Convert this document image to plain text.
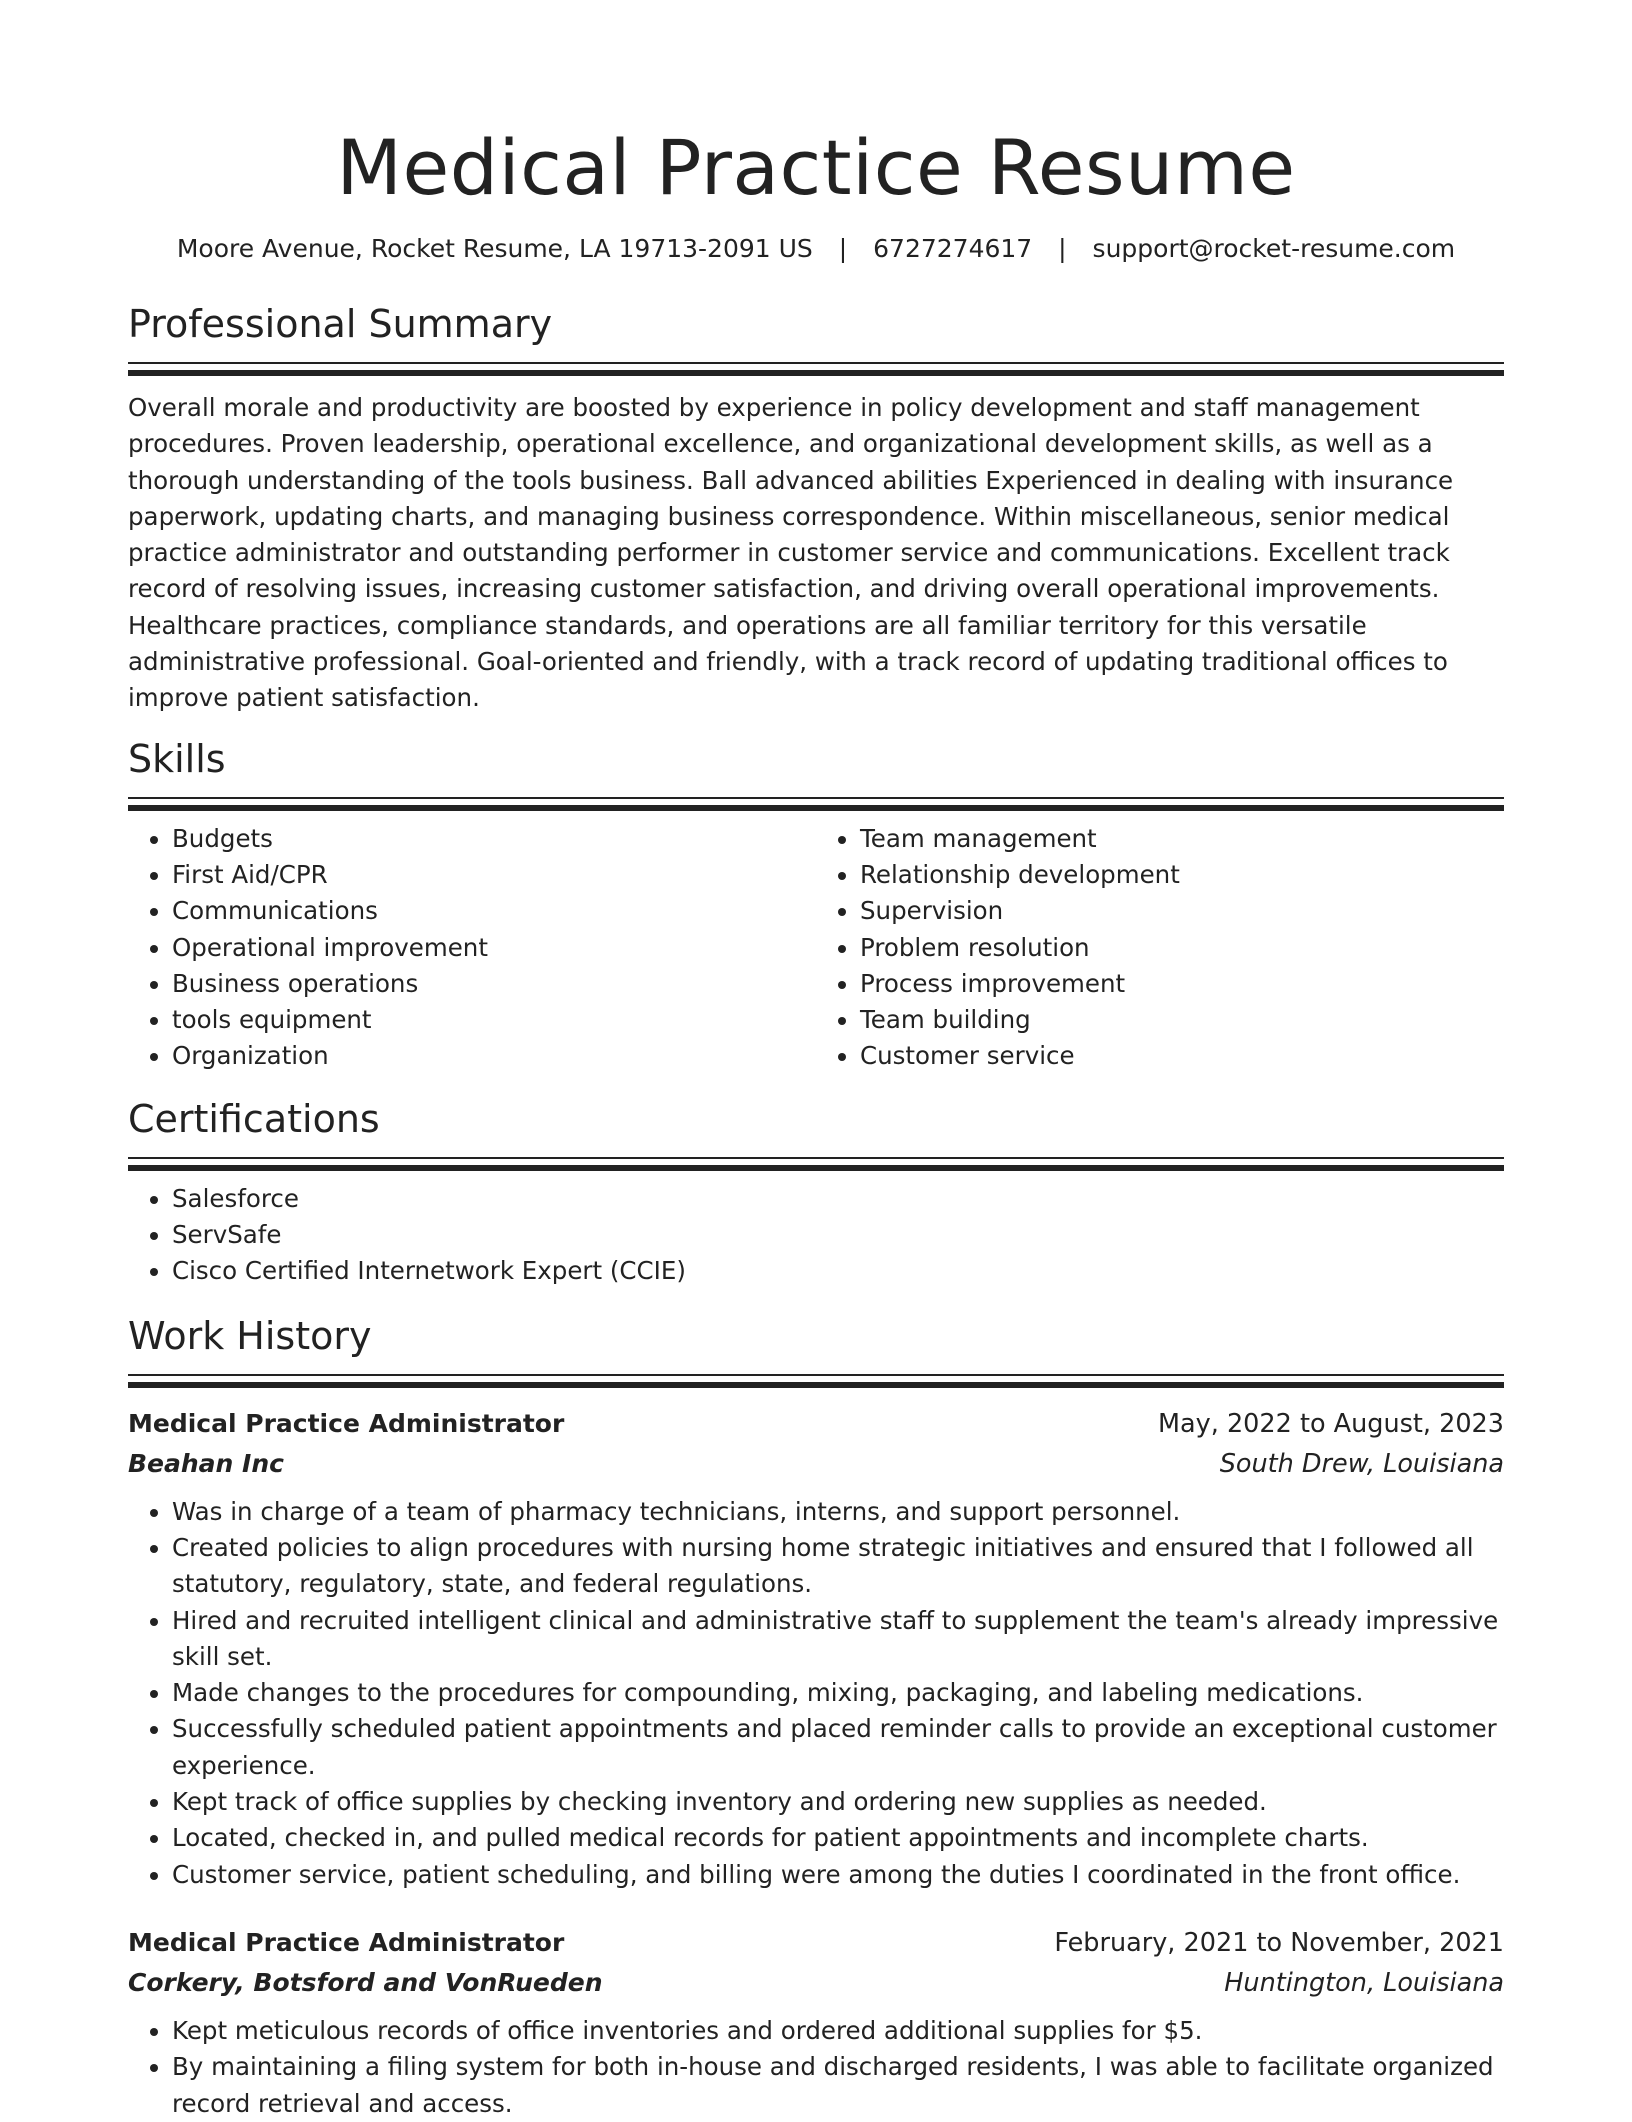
Medical Practice Resume
Moore Avenue, Rocket Resume, LA 19713-2091 US | 6727274617 | support@rocket-resume.com
Professional Summary

Overall morale and productivity are boosted by experience in policy development and staff management procedures. Proven leadership, operational excellence, and organizational development skills, as well as a thorough understanding of the tools business. Ball advanced abilities Experienced in dealing with insurance paperwork, updating charts, and managing business correspondence. Within miscellaneous, senior medical practice administrator and outstanding performer in customer service and communications. Excellent track record of resolving issues, increasing customer satisfaction, and driving overall operational improvements. Healthcare practices, compliance standards, and operations are all familiar territory for this versatile administrative professional. Goal-oriented and friendly, with a track record of updating traditional offices to improve patient satisfaction.

Skills
• Budgets
• First Aid/CPR
• Communications
• Operational improvement
• Business operations
• tools equipment
• Organization
• Team management
• Relationship development
• Supervision
• Problem resolution
• Process improvement
• Team building
• Customer service
Certifications
• Salesforce
• ServSafe
• Cisco Certified Internetwork Expert (CCIE)
Work History
Medical Practice Administrator	May, 2022 to August, 2023
Beahan Inc	South Drew, Louisiana
• Was in charge of a team of pharmacy technicians, interns, and support personnel.
• Created policies to align procedures with nursing home strategic initiatives and ensured that I followed all statutory, regulatory, state, and federal regulations.
• Hired and recruited intelligent clinical and administrative staff to supplement the team's already impressive skill set.
• Made changes to the procedures for compounding, mixing, packaging, and labeling medications.
• Successfully scheduled patient appointments and placed reminder calls to provide an exceptional customer experience.
• Kept track of office supplies by checking inventory and ordering new supplies as needed.
• Located, checked in, and pulled medical records for patient appointments and incomplete charts.
• Customer service, patient scheduling, and billing were among the duties I coordinated in the front office.
Medical Practice Administrator	February, 2021 to November, 2021
Corkery, Botsford and VonRueden	Huntington, Louisiana
• Kept meticulous records of office inventories and ordered additional supplies for $5.
• By maintaining a filing system for both in-house and discharged residents, I was able to facilitate organized record retrieval and access.
